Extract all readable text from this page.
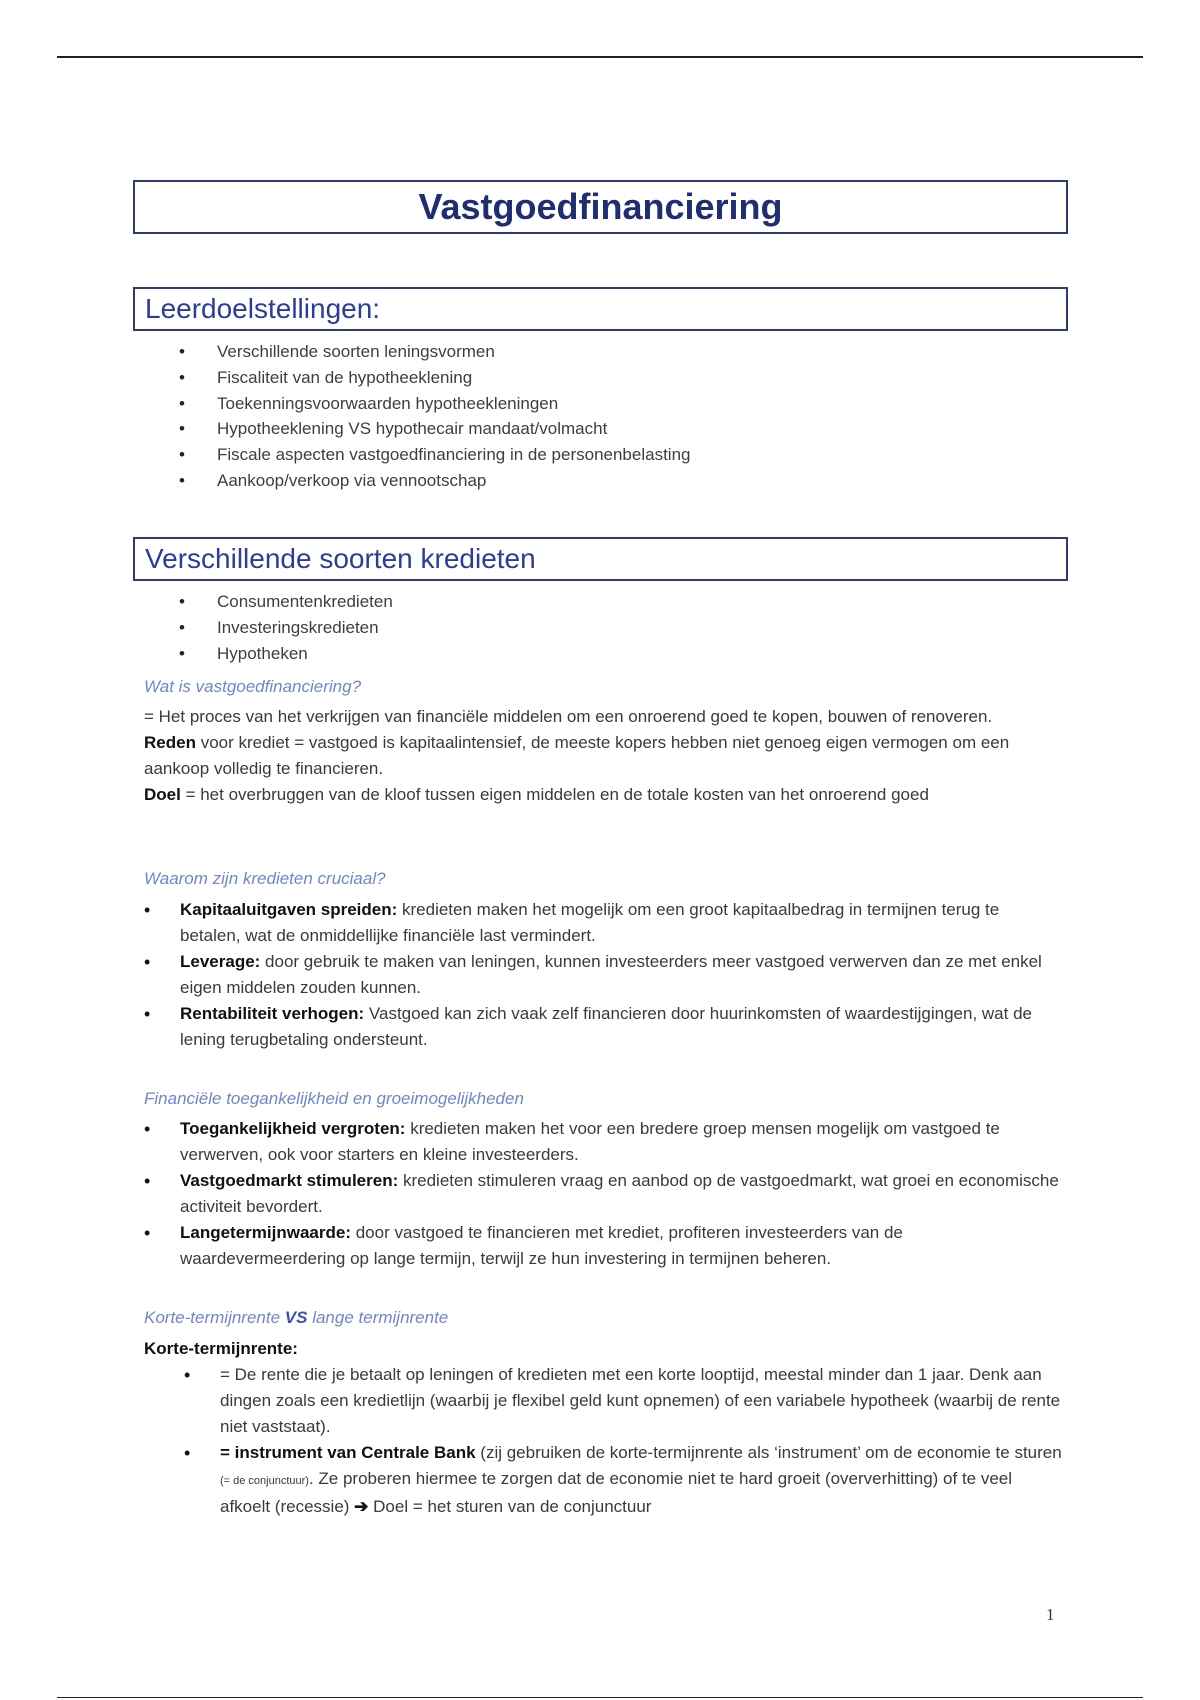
Vastgoedfinanciering
Leerdoelstellingen:
• Verschillende soorten leningsvormen
• Fiscaliteit van de hypotheeklening
• Toekenningsvoorwaarden hypotheekleningen
• Hypotheeklening VS hypothecair mandaat/volmacht
• Fiscale aspecten vastgoedfinanciering in de personenbelasting
• Aankoop/verkoop via vennootschap
Verschillende soorten kredieten
• Consumentenkredieten
• Investeringskredieten
• Hypotheken
Wat is vastgoedfinanciering?
= Het proces van het verkrijgen van financiële middelen om een onroerend goed te kopen, bouwen of renoveren.
Reden voor krediet = vastgoed is kapitaalintensief, de meeste kopers hebben niet genoeg eigen vermogen om een aankoop volledig te financieren.
Doel = het overbruggen van de kloof tussen eigen middelen en de totale kosten van het onroerend goed
Waarom zijn kredieten cruciaal?
• Kapitaaluitgaven spreiden: kredieten maken het mogelijk om een groot kapitaalbedrag in termijnen terug te betalen, wat de onmiddellijke financiële last vermindert.
• Leverage: door gebruik te maken van leningen, kunnen investeerders meer vastgoed verwerven dan ze met enkel eigen middelen zouden kunnen.
• Rentabiliteit verhogen: Vastgoed kan zich vaak zelf financieren door huurinkomsten of waardestijgingen, wat de lening terugbetaling ondersteunt.
Financiële toegankelijkheid en groeimogelijkheden
• Toegankelijkheid vergroten: kredieten maken het voor een bredere groep mensen mogelijk om vastgoed te verwerven, ook voor starters en kleine investeerders.
• Vastgoedmarkt stimuleren: kredieten stimuleren vraag en aanbod op de vastgoedmarkt, wat groei en economische activiteit bevordert.
• Langetermijnwaarde: door vastgoed te financieren met krediet, profiteren investeerders van de waardevermeerdering op lange termijn, terwijl ze hun investering in termijnen beheren.
Korte-termijnrente VS lange termijnrente
Korte-termijnrente:
• = De rente die je betaalt op leningen of kredieten met een korte looptijd, meestal minder dan 1 jaar. Denk aan dingen zoals een kredietlijn (waarbij je flexibel geld kunt opnemen) of een variabele hypotheek (waarbij de rente niet vaststaat).
• = instrument van Centrale Bank (zij gebruiken de korte-termijnrente als ‘instrument’ om de economie te sturen (= de conjunctuur). Ze proberen hiermee te zorgen dat de economie niet te hard groeit (oververhitting) of te veel afkoelt (recessie) ➔ Doel = het sturen van de conjunctuur
1
